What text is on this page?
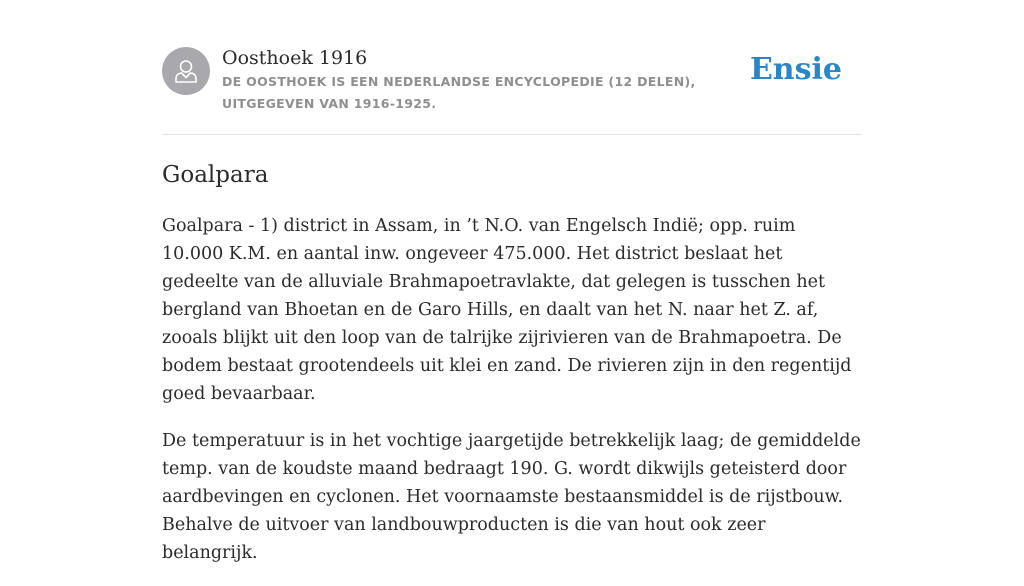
Oosthoek 1916
DE OOSTHOEK IS EEN NEDERLANDSE ENCYCLOPEDIE (12 DELEN), UITGEGEVEN VAN 1916-1925.
Ensie
Goalpara

Goalpara - 1) district in Assam, in ’t N.O. van Engelsch Indië; opp. ruim 10.000 K.M. en aantal inw. ongeveer 475.000. Het district beslaat het gedeelte van de alluviale Brahmapoetravlakte, dat gelegen is tusschen het bergland van Bhoetan en de Garo Hills, en daalt van het N. naar het Z. af, zooals blijkt uit den loop van de talrijke zijrivieren van de Brahmapoetra. De bodem bestaat grootendeels uit klei en zand. De rivieren zijn in den regentijd goed bevaarbaar.

De temperatuur is in het vochtige jaargetijde betrekkelijk laag; de gemiddelde temp. van de koudste maand bedraagt 190. G. wordt dikwijls geteisterd door aardbevingen en cyclonen. Het voornaamste bestaansmiddel is de rijstbouw. Behalve de uitvoer van landbouwproducten is die van hout ook zeer belangrijk.
